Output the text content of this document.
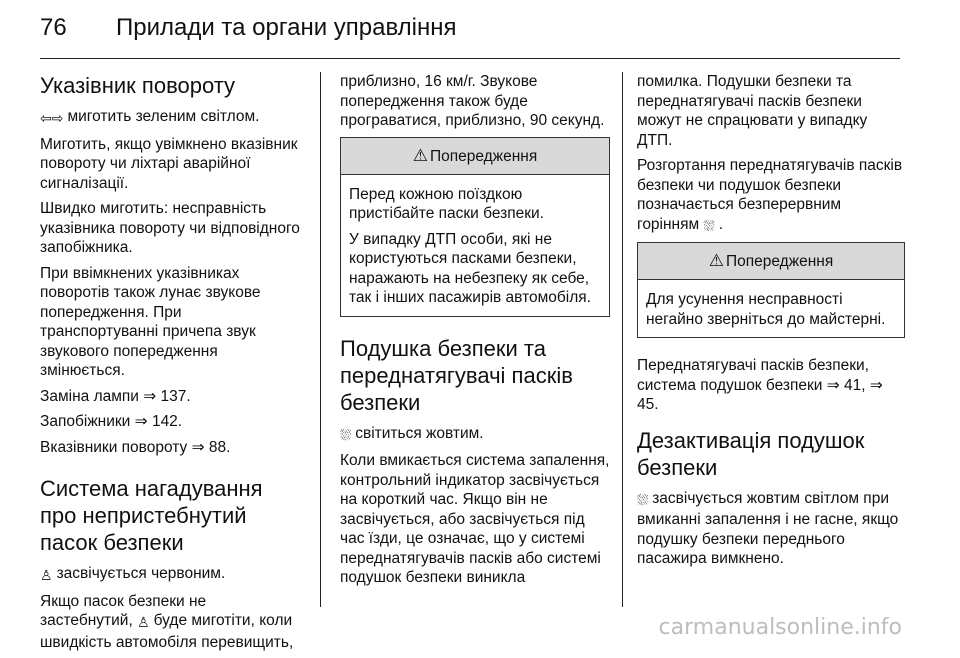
76	Прилади та органи управління
Указівник повороту

⇦⇨ миготить зеленим світлом.

Миготить, якщо увімкнено вказівник повороту чи ліхтарі аварійної сигналізації.

Швидко миготить: несправність указівника повороту чи відповідного запобіжника.

При ввімкнених указівниках поворотів також лунає звукове попередження. При транспортуванні причепа звук звукового попередження змінюється.

Заміна лампи ⇒ 137.

Запобіжники ⇒ 142.

Вказівники повороту ⇒ 88.

Система нагадування про непристебнутий пасок безпеки

♙ засвічується червоним.

Якщо пасок безпеки не застебнутий, ♙ буде миготіти, коли швидкість автомобіля перевищить,

приблизно, 16 км/г. Звукове попередження також буде програватися, приблизно, 90 секунд.

⚠ Попередження

Перед кожною поїздкою пристібайте паски безпеки.

У випадку ДТП особи, які не користуються пасками безпеки, наражають на небезпеку як себе, так і інших пасажирів автомобіля.

Подушка безпеки та переднатягувачі пасків безпеки

⛆ світиться жовтим.

Коли вмикається система запалення, контрольний індикатор засвічується на короткий час. Якщо він не засвічується, або засвічується під час їзди, це означає, що у системі переднатягувачів пасків або системі подушок безпеки виникла

помилка. Подушки безпеки та переднатягувачі пасків безпеки можут не спрацювати у випадку ДТП.

Розгортання переднатягувачів пасків безпеки чи подушок безпеки позначається безперервним горінням ⛆ .

⚠ Попередження

Для усунення несправності негайно зверніться до майстерні.

Переднатягувачі пасків безпеки, система подушок безпеки ⇒ 41, ⇒ 45.

Дезактивація подушок безпеки

⛆ засвічується жовтим світлом при вмиканні запалення і не гасне, якщо подушку безпеки переднього пасажира вимкнено.

carmanualsonline.info
